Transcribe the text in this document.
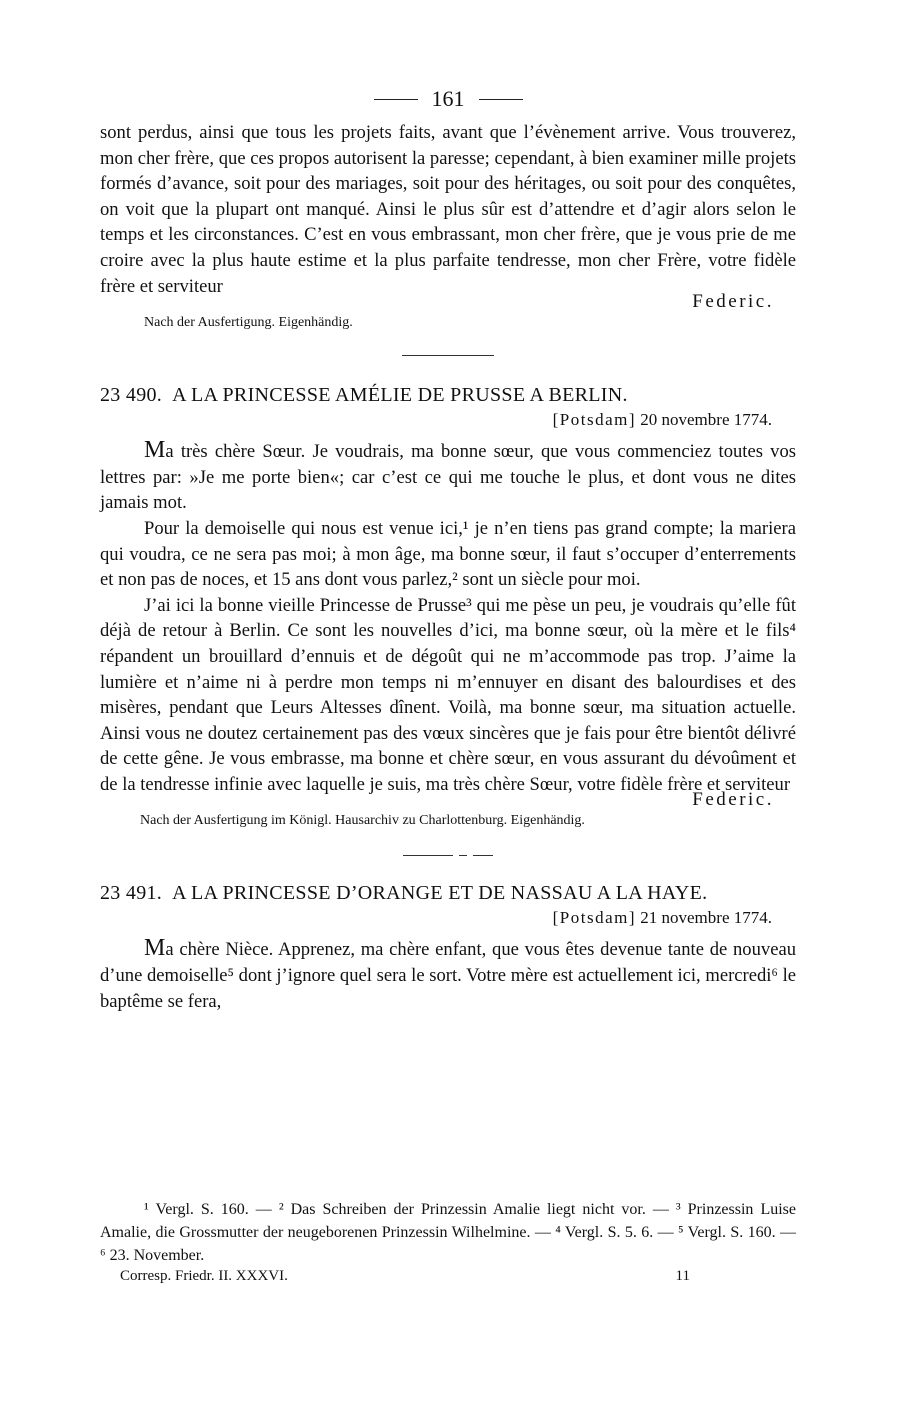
161

sont perdus, ainsi que tous les projets faits, avant que l’évènement arrive. Vous trouverez, mon cher frère, que ces propos autorisent la paresse; cependant, à bien examiner mille projets formés d’avance, soit pour des mariages, soit pour des héritages, ou soit pour des conquêtes, on voit que la plupart ont manqué. Ainsi le plus sûr est d’attendre et d’agir alors selon le temps et les circonstances. C’est en vous embrassant, mon cher frère, que je vous prie de me croire avec la plus haute estime et la plus parfaite tendresse, mon cher Frère, votre fidèle frère et serviteur

Federic.

Nach der Ausfertigung. Eigenhändig.

23 490. A LA PRINCESSE AMÉLIE DE PRUSSE A BERLIN.
[Potsdam] 20 novembre 1774.

Ma très chère Sœur. Je voudrais, ma bonne sœur, que vous commenciez toutes vos lettres par: »Je me porte bien«; car c’est ce qui me touche le plus, et dont vous ne dites jamais mot.

Pour la demoiselle qui nous est venue ici,¹ je n’en tiens pas grand compte; la mariera qui voudra, ce ne sera pas moi; à mon âge, ma bonne sœur, il faut s’occuper d’enterrements et non pas de noces, et 15 ans dont vous parlez,² sont un siècle pour moi.

J’ai ici la bonne vieille Princesse de Prusse³ qui me pèse un peu, je voudrais qu’elle fût déjà de retour à Berlin. Ce sont les nouvelles d’ici, ma bonne sœur, où la mère et le fils⁴ répandent un brouillard d’ennuis et de dégoût qui ne m’accommode pas trop. J’aime la lumière et n’aime ni à perdre mon temps ni m’ennuyer en disant des balourdises et des misères, pendant que Leurs Altesses dînent. Voilà, ma bonne sœur, ma situation actuelle. Ainsi vous ne doutez certainement pas des vœux sincères que je fais pour être bientôt délivré de cette gêne. Je vous embrasse, ma bonne et chère sœur, en vous assurant du dévoûment et de la tendresse infinie avec laquelle je suis, ma très chère Sœur, votre fidèle frère et serviteur

Federic.

Nach der Ausfertigung im Königl. Hausarchiv zu Charlottenburg. Eigenhändig.

23 491. A LA PRINCESSE D’ORANGE ET DE NASSAU A LA HAYE.
[Potsdam] 21 novembre 1774.

Ma chère Nièce. Apprenez, ma chère enfant, que vous êtes devenue tante de nouveau d’une demoiselle⁵ dont j’ignore quel sera le sort. Votre mère est actuellement ici, mercredi⁶ le baptême se fera,

¹ Vergl. S. 160. — ² Das Schreiben der Prinzessin Amalie liegt nicht vor. — ³ Prinzessin Luise Amalie, die Grossmutter der neugeborenen Prinzessin Wilhelmine. — ⁴ Vergl. S. 5. 6. — ⁵ Vergl. S. 160. — ⁶ 23. November.

Corresp. Friedr. II. XXXVI.	11
